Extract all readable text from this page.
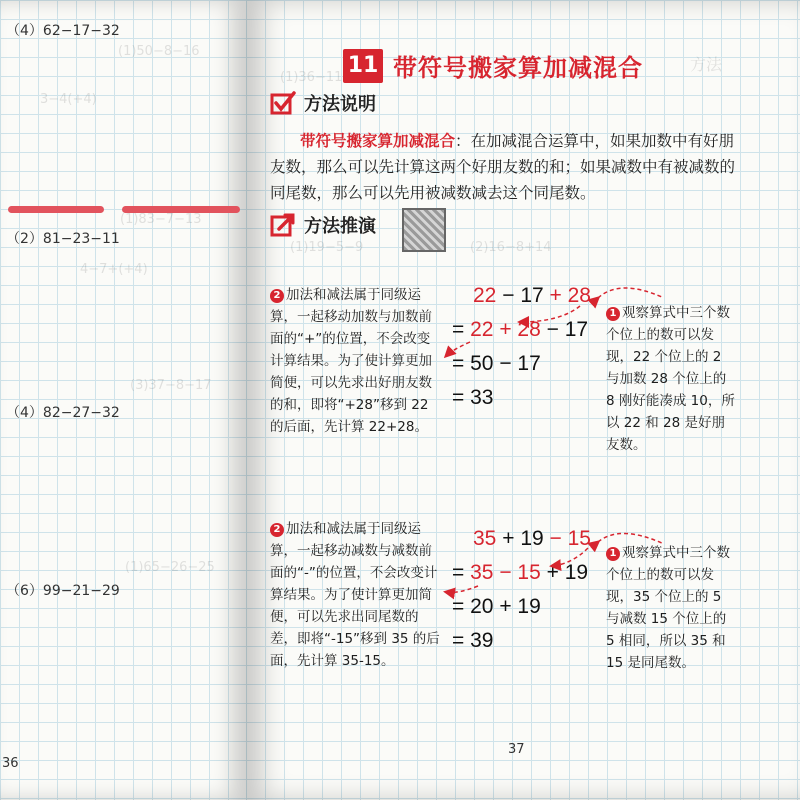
（4）62−17−32
(1)50−8−16
3−4(+4)
（2）81−23−11
(1)83−7−13
4−7+(+4)
（4）82−27−32
(3)37−8−17
（6）99−21−29
(1)65−26−25
36
方法
(1)36−11
(1)19−5−9	(2)16−8+14
11 带符号搬家算加减混合
方法说明
带符号搬家算加减混合：在加减混合运算中，如果加数中有好朋友数，那么可以先计算这两个好朋友数的和；如果减数中有被减数的同尾数，那么可以先用被减数减去这个同尾数。
方法推演
2 加法和减法属于同级运算，一起移动加数与加数前面的“+”的位置，不会改变计算结果。为了使计算更加简便，可以先求出好朋友数的和，即将“+28”移到 22 的后面，先计算 22+28。
22 − 17 + 28
= 22 + 28 − 17
= 50 − 17
= 33
1 观察算式中三个数个位上的数可以发现，22 个位上的 2 与加数 28 个位上的 8 刚好能凑成 10，所以 22 和 28 是好朋友数。
2 加法和减法属于同级运算，一起移动减数与减数前面的“-”的位置，不会改变计算结果。为了使计算更加简便，可以先求出同尾数的差，即将“-15”移到 35 的后面，先计算 35-15。
35 + 19 − 15
= 35 − 15 + 19
= 20 + 19
= 39
1 观察算式中三个数个位上的数可以发现，35 个位上的 5 与减数 15 个位上的 5 相同，所以 35 和 15 是同尾数。
37
